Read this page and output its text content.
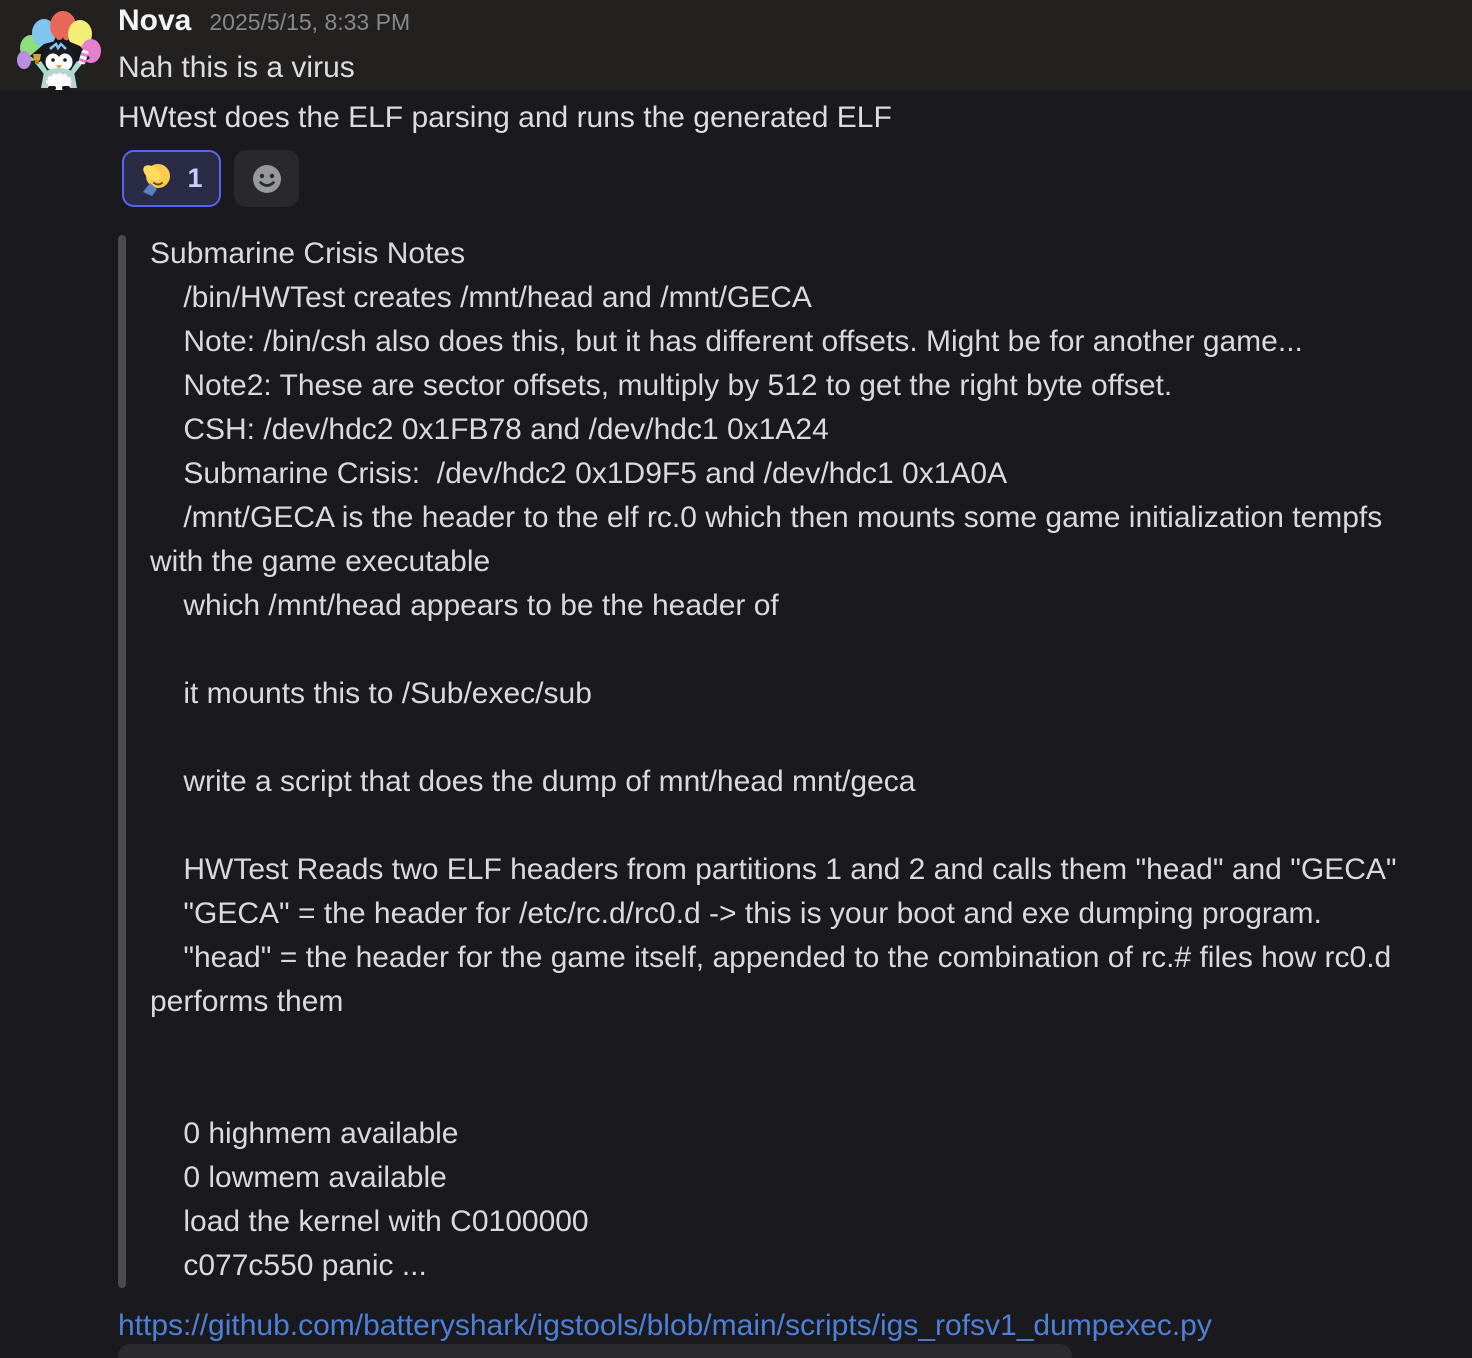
Nova 2025/5/15, 8:33 PM
Nah this is a virus
HWtest does the ELF parsing and runs the generated ELF
1
Submarine Crisis Notes
/bin/HWTest creates /mnt/head and /mnt/GECA
Note: /bin/csh also does this, but it has different offsets. Might be for another game...
Note2: These are sector offsets, multiply by 512 to get the right byte offset.
CSH: /dev/hdc2 0x1FB78 and /dev/hdc1 0x1A24
Submarine Crisis:  /dev/hdc2 0x1D9F5 and /dev/hdc1 0x1A0A
/mnt/GECA is the header to the elf rc.0 which then mounts some game initialization tempfs
with the game executable
which /mnt/head appears to be the header of
it mounts this to /Sub/exec/sub
write a script that does the dump of mnt/head mnt/geca
HWTest Reads two ELF headers from partitions 1 and 2 and calls them "head" and "GECA"
"GECA" = the header for /etc/rc.d/rc0.d -> this is your boot and exe dumping program.
"head" = the header for the game itself, appended to the combination of rc.# files how rc0.d
performs them
0 highmem available
0 lowmem available
load the kernel with C0100000
c077c550 panic ...
https://github.com/batteryshark/igstools/blob/main/scripts/igs_rofsv1_dumpexec.py
